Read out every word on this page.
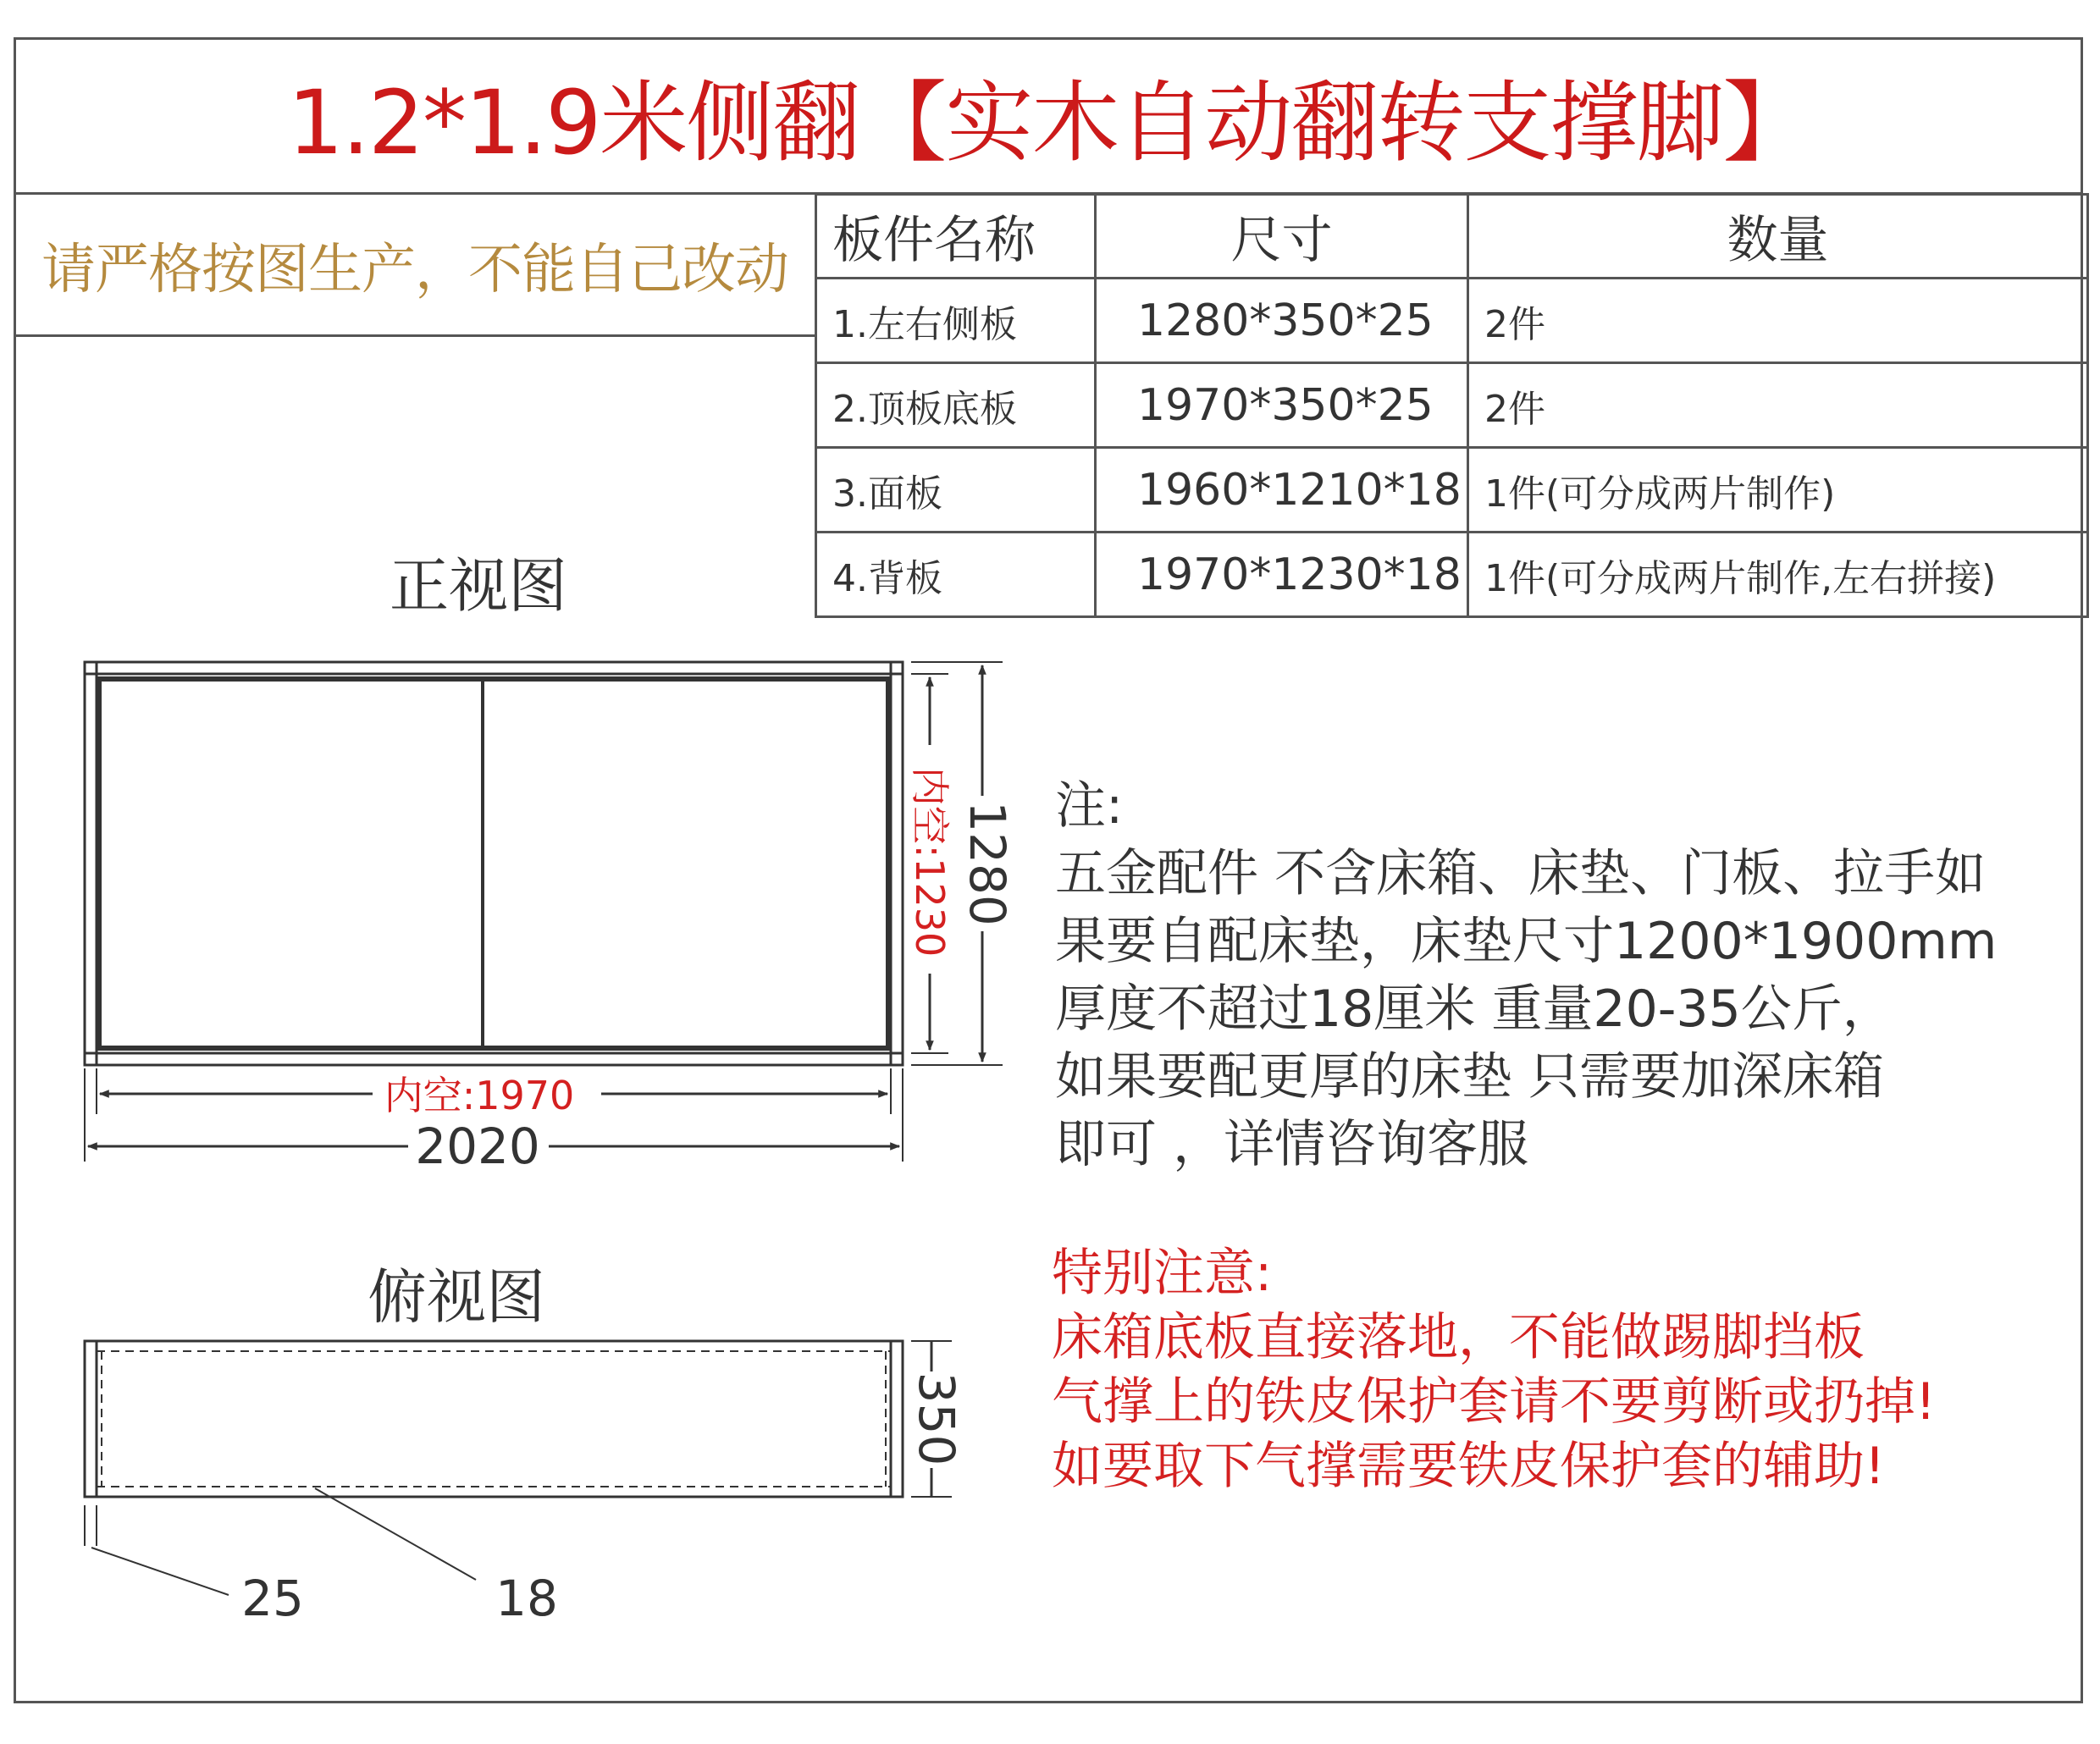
1.2*1.9米侧翻【实木自动翻转支撑脚】
请严格按图生产，不能自己改动 板件名称	尺寸	数量
1.左右侧板	1280*350*25	2件
2.顶板底板	1970*350*25	2件
3.面板	1960*1210*18	1件(可分成两片制作)
4.背板	1970*1230*18	1件(可分成两片制作,左右拼接)
正视图
俯视图
内空:1970
2020
内空:1230 1280
350
25	18
注:
五金配件 不含床箱、床垫、门板、拉手如
果要自配床垫，床垫尺寸1200*1900mm
厚度不超过18厘米 重量20-35公斤，
如果要配更厚的床垫 只需要加深床箱
即可 ，详情咨询客服
特别注意:
床箱底板直接落地，不能做踢脚挡板
气撑上的铁皮保护套请不要剪断或扔掉!
如要取下气撑需要铁皮保护套的辅助!
